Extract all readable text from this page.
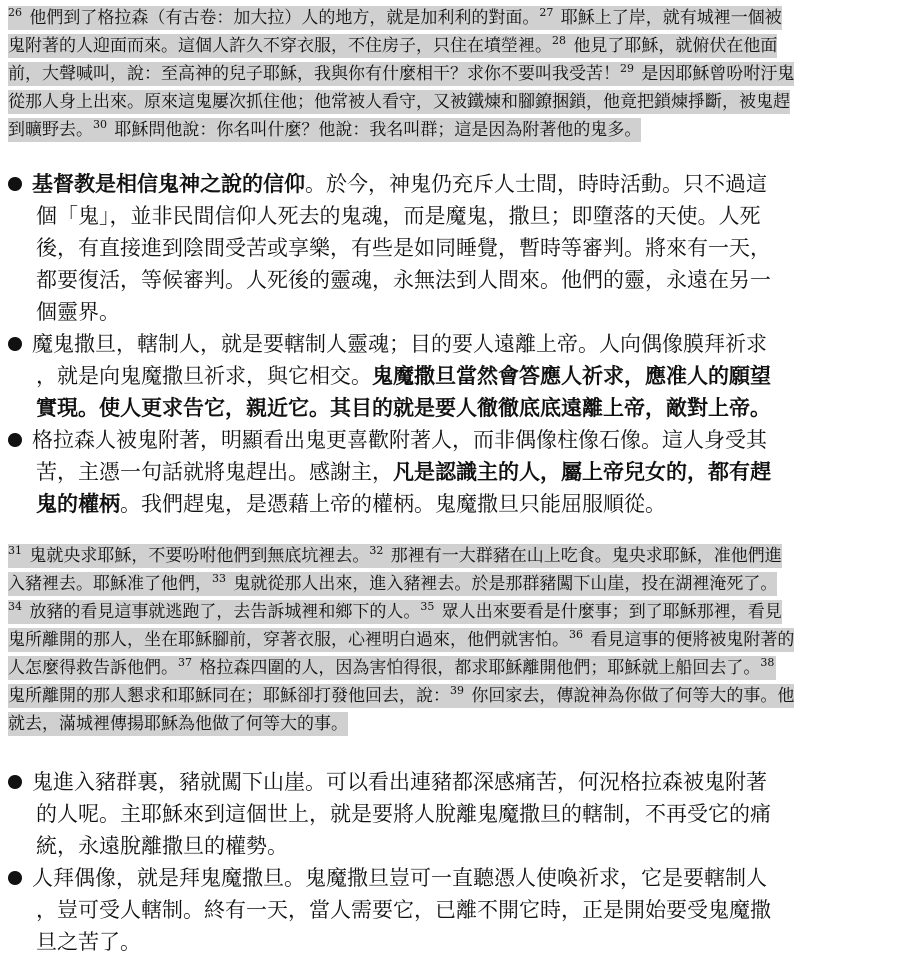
$^{26}$ 他們到了格拉森（有古卷：加大拉）人的地方，就是加利利的對面。$^{27}$ 耶穌上了岸，就有城裡一個被
鬼附著的人迎面而來。這個人許久不穿衣服，不住房子，只住在墳塋裡。$^{28}$ 他見了耶穌，就俯伏在他面
前，大聲喊叫，說：至高神的兒子耶穌，我與你有什麼相干？求你不要叫我受苦！$^{29}$ 是因耶穌曾吩咐汙鬼
從那人身上出來。原來這鬼屢次抓住他；他常被人看守，又被鐵煉和腳鐐捆鎖，他竟把鎖煉掙斷，被鬼趕
到曠野去。$^{30}$ 耶穌問他說：你名叫什麼？他說：我名叫群；這是因為附著他的鬼多。
基督教是相信鬼神之說的信仰。於今，神鬼仍充斥人士間，時時活動。只不過這
個「鬼」，並非民間信仰人死去的鬼魂，而是魔鬼，撒旦；即墮落的天使。人死
後，有直接進到陰間受苦或享樂，有些是如同睡覺，暫時等審判。將來有一天，
都要復活，等候審判。人死後的靈魂，永無法到人間來。他們的靈，永遠在另一
個靈界。
魔鬼撒旦，轄制人，就是要轄制人靈魂；目的要人遠離上帝。人向偶像膜拜祈求
，就是向鬼魔撒旦祈求，與它相交。鬼魔撒旦當然會答應人祈求，應准人的願望
實現。使人更求告它，親近它。其目的就是要人徹徹底底遠離上帝，敵對上帝。
格拉森人被鬼附著，明顯看出鬼更喜歡附著人，而非偶像柱像石像。這人身受其
苦，主憑一句話就將鬼趕出。感謝主，凡是認識主的人，屬上帝兒女的，都有趕
鬼的權柄。我們趕鬼，是憑藉上帝的權柄。鬼魔撒旦只能屈服順從。
$^{31}$ 鬼就央求耶穌，不要吩咐他們到無底坑裡去。$^{32}$ 那裡有一大群豬在山上吃食。鬼央求耶穌，准他們進
入豬裡去。耶穌准了他們，$^{33}$ 鬼就從那人出來，進入豬裡去。於是那群豬闖下山崖，投在湖裡淹死了。
$^{34}$ 放豬的看見這事就逃跑了，去告訴城裡和鄉下的人。$^{35}$ 眾人出來要看是什麼事；到了耶穌那裡，看見
鬼所離開的那人，坐在耶穌腳前，穿著衣服，心裡明白過來，他們就害怕。$^{36}$ 看見這事的便將被鬼附著的
人怎麼得救告訴他們。$^{37}$ 格拉森四圍的人，因為害怕得很，都求耶穌離開他們；耶穌就上船回去了。$^{38}$
鬼所離開的那人懇求和耶穌同在；耶穌卻打發他回去，說：$^{39}$ 你回家去，傳說神為你做了何等大的事。他
就去，滿城裡傳揚耶穌為他做了何等大的事。
鬼進入豬群裏，豬就闖下山崖。可以看出連豬都深感痛苦，何況格拉森被鬼附著
的人呢。主耶穌來到這個世上，就是要將人脫離鬼魔撒旦的轄制，不再受它的痛
統，永遠脫離撒旦的權勢。
人拜偶像，就是拜鬼魔撒旦。鬼魔撒旦豈可一直聽憑人使喚祈求，它是要轄制人
，豈可受人轄制。終有一天，當人需要它，已離不開它時，正是開始要受鬼魔撒
旦之苦了。
